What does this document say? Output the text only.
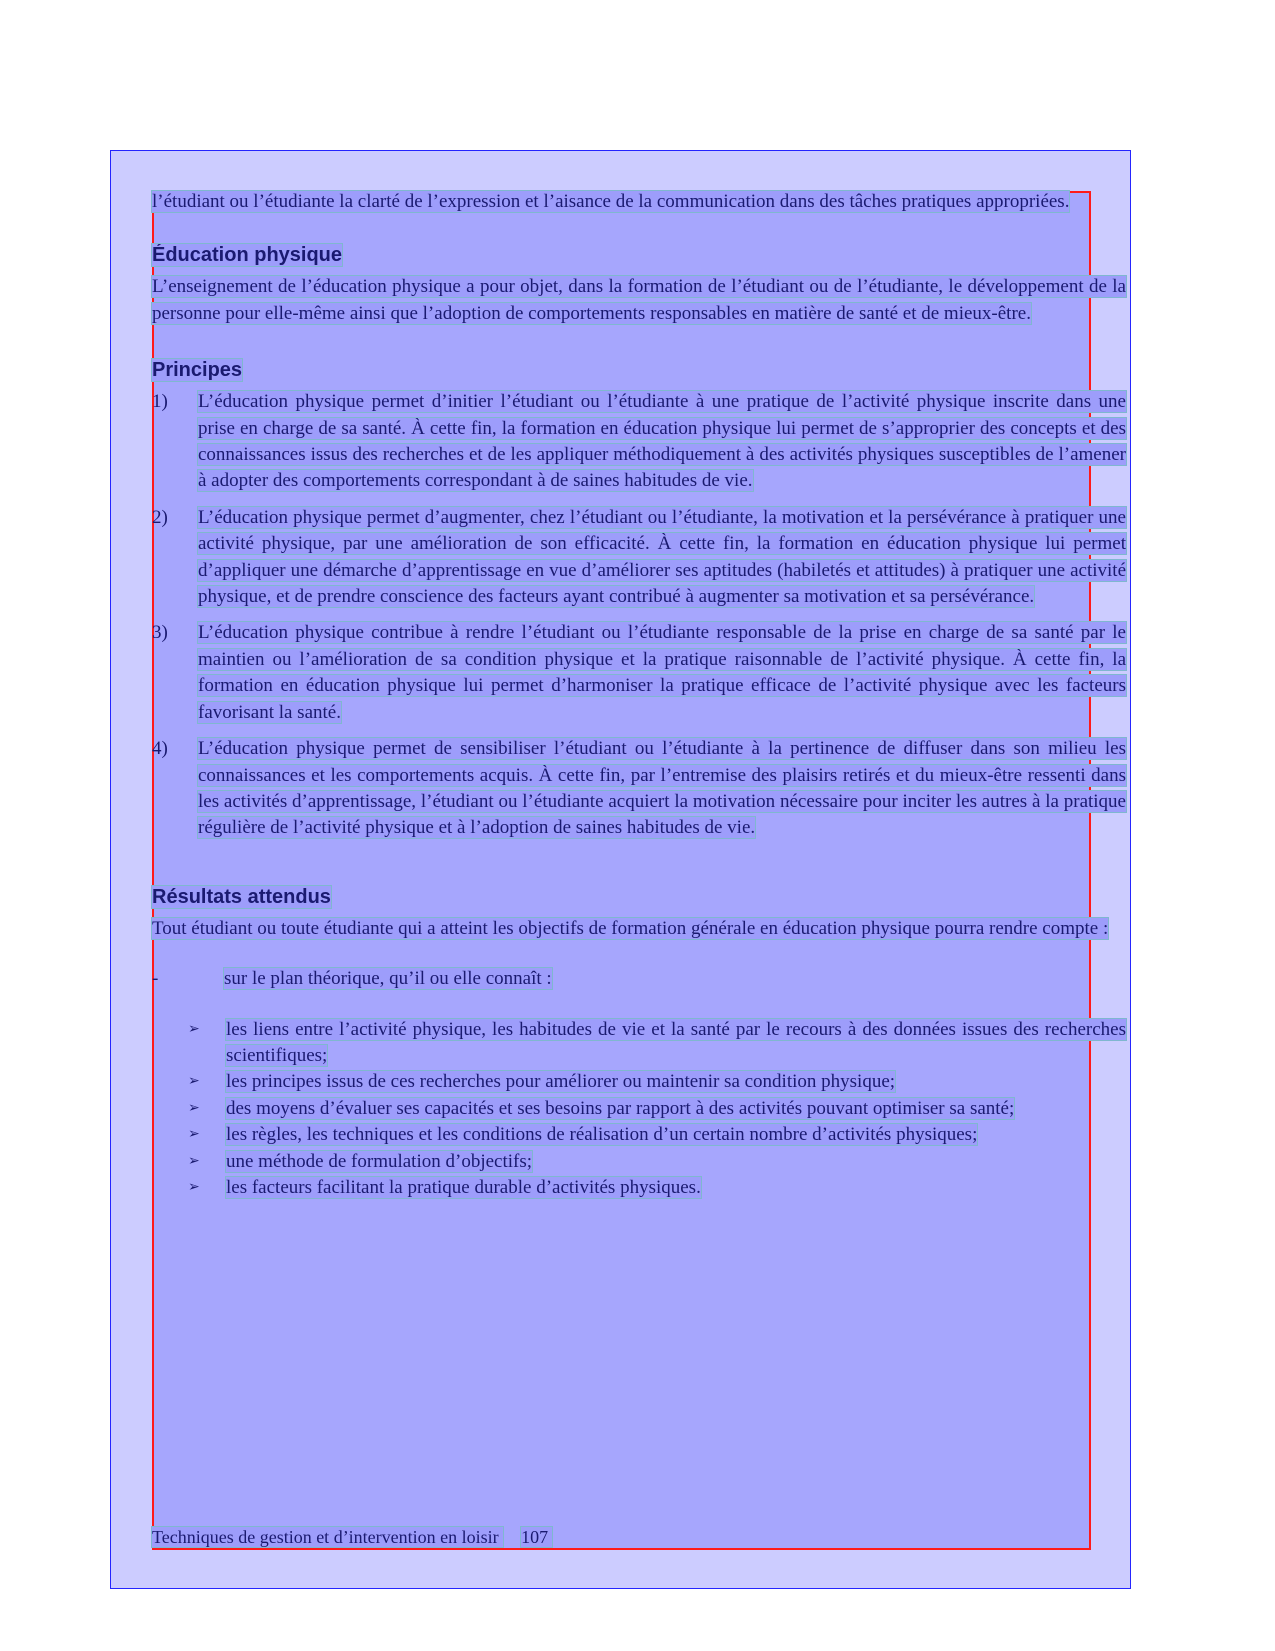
l’étudiant ou l’étudiante la clarté de l’expression et l’aisance de la communication dans des tâches pratiques appropriées.

Éducation physique

L’enseignement de l’éducation physique a pour objet, dans la formation de l’étudiant ou de l’étudiante, le développement de la personne pour elle-même ainsi que l’adoption de comportements responsables en matière de santé et de mieux-être.

Principes
1)	L’éducation physique permet d’initier l’étudiant ou l’étudiante à une pratique de l’activité physique inscrite dans une prise en charge de sa santé. À cette fin, la formation en éducation physique lui permet de s’approprier des concepts et des connaissances issus des recherches et de les appliquer méthodiquement à des activités physiques susceptibles de l’amener à adopter des comportements correspondant à de saines habitudes de vie.
2)	L’éducation physique permet d’augmenter, chez l’étudiant ou l’étudiante, la motivation et la persévérance à pratiquer une activité physique, par une amélioration de son efficacité. À cette fin, la formation en éducation physique lui permet d’appliquer une démarche d’apprentissage en vue d’améliorer ses aptitudes (habiletés et attitudes) à pratiquer une activité physique, et de prendre conscience des facteurs ayant contribué à augmenter sa motivation et sa persévérance.
3)	L’éducation physique contribue à rendre l’étudiant ou l’étudiante responsable de la prise en charge de sa santé par le maintien ou l’amélioration de sa condition physique et la pratique raisonnable de l’activité physique. À cette fin, la formation en éducation physique lui permet d’harmoniser la pratique efficace de l’activité physique avec les facteurs favorisant la santé.
4)	L’éducation physique permet de sensibiliser l’étudiant ou l’étudiante à la pertinence de diffuser dans son milieu les connaissances et les comportements acquis. À cette fin, par l’entremise des plaisirs retirés et du mieux-être ressenti dans les activités d’apprentissage, l’étudiant ou l’étudiante acquiert la motivation nécessaire pour inciter les autres à la pratique régulière de l’activité physique et à l’adoption de saines habitudes de vie.
Résultats attendus

Tout étudiant ou toute étudiante qui a atteint les objectifs de formation générale en éducation physique pourra rendre compte :

-	sur le plan théorique, qu’il ou elle connaît :
➢	les liens entre l’activité physique, les habitudes de vie et la santé par le recours à des données issues des recherches scientifiques;
➢	les principes issus de ces recherches pour améliorer ou maintenir sa condition physique;
➢	des moyens d’évaluer ses capacités et ses besoins par rapport à des activités pouvant optimiser sa santé;
➢	les règles, les techniques et les conditions de réalisation d’un certain nombre d’activités physiques;
➢	une méthode de formulation d’objectifs;
➢	les facteurs facilitant la pratique durable d’activités physiques.
Techniques de gestion et d’intervention en loisir 107
